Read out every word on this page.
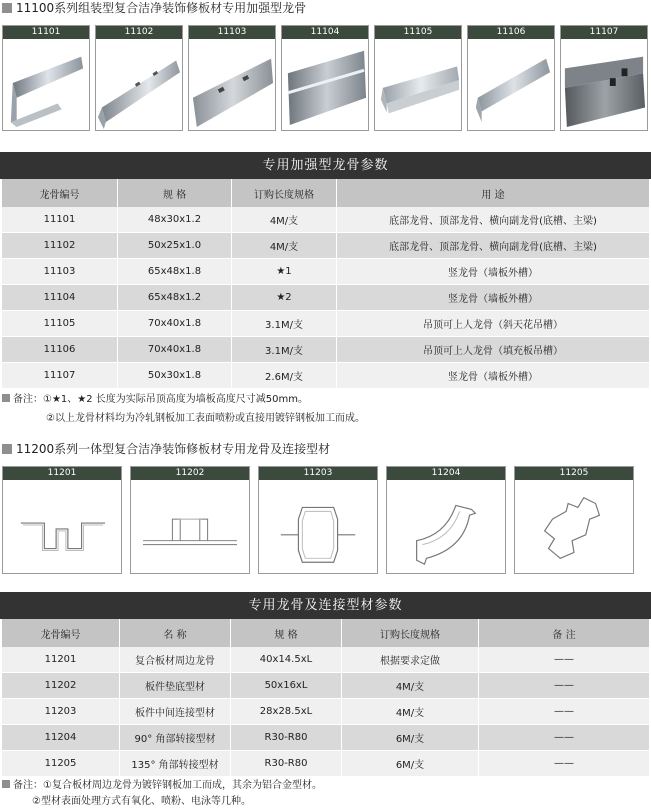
11100系列组装型复合洁净装饰修板材专用加强型龙骨
11101	11102	11103	11104	11105	11106	11107
专用加强型龙骨参数
龙骨编号	规 格	订购长度规格	用 途
11101	48x30x1.2	4M/支	底部龙骨、顶部龙骨、横向副龙骨(底槽、主梁)
11102	50x25x1.0	4M/支	底部龙骨、顶部龙骨、横向副龙骨(底槽、主梁)
11103	65x48x1.8	★1	竖龙骨（墙板外槽）
11104	65x48x1.2	★2	竖龙骨（墙板外槽）
11105	70x40x1.8	3.1M/支	吊顶可上人龙骨（斜天花吊槽）
11106	70x40x1.8	3.1M/支	吊顶可上人龙骨（填充板吊槽）
11107	50x30x1.8	2.6M/支	竖龙骨（墙板外槽）
备注：①★1、★2 长度为实际吊顶高度为墙板高度尺寸减50mm。
②以上龙骨材料均为冷轧钢板加工表面喷粉或直接用镀锌钢板加工而成。
11200系列一体型复合洁净装饰修板材专用龙骨及连接型材
11201	11202	11203	11204	11205
专用龙骨及连接型材参数
龙骨编号	名 称	规 格	订购长度规格	备 注
11201	复合板材周边龙骨	40x14.5xL	根据要求定做	——
11202	板件垫底型材	50x16xL	4M/支	——
11203	板件中间连接型材	28x28.5xL	4M/支	——
11204	90° 角部转接型材	R30-R80	6M/支	——
11205	135° 角部转接型材	R30-R80	6M/支	——
备注：①复合板材周边龙骨为镀锌钢板加工而成，其余为铝合金型材。
②型材表面处理方式有氧化、喷粉、电泳等几种。
